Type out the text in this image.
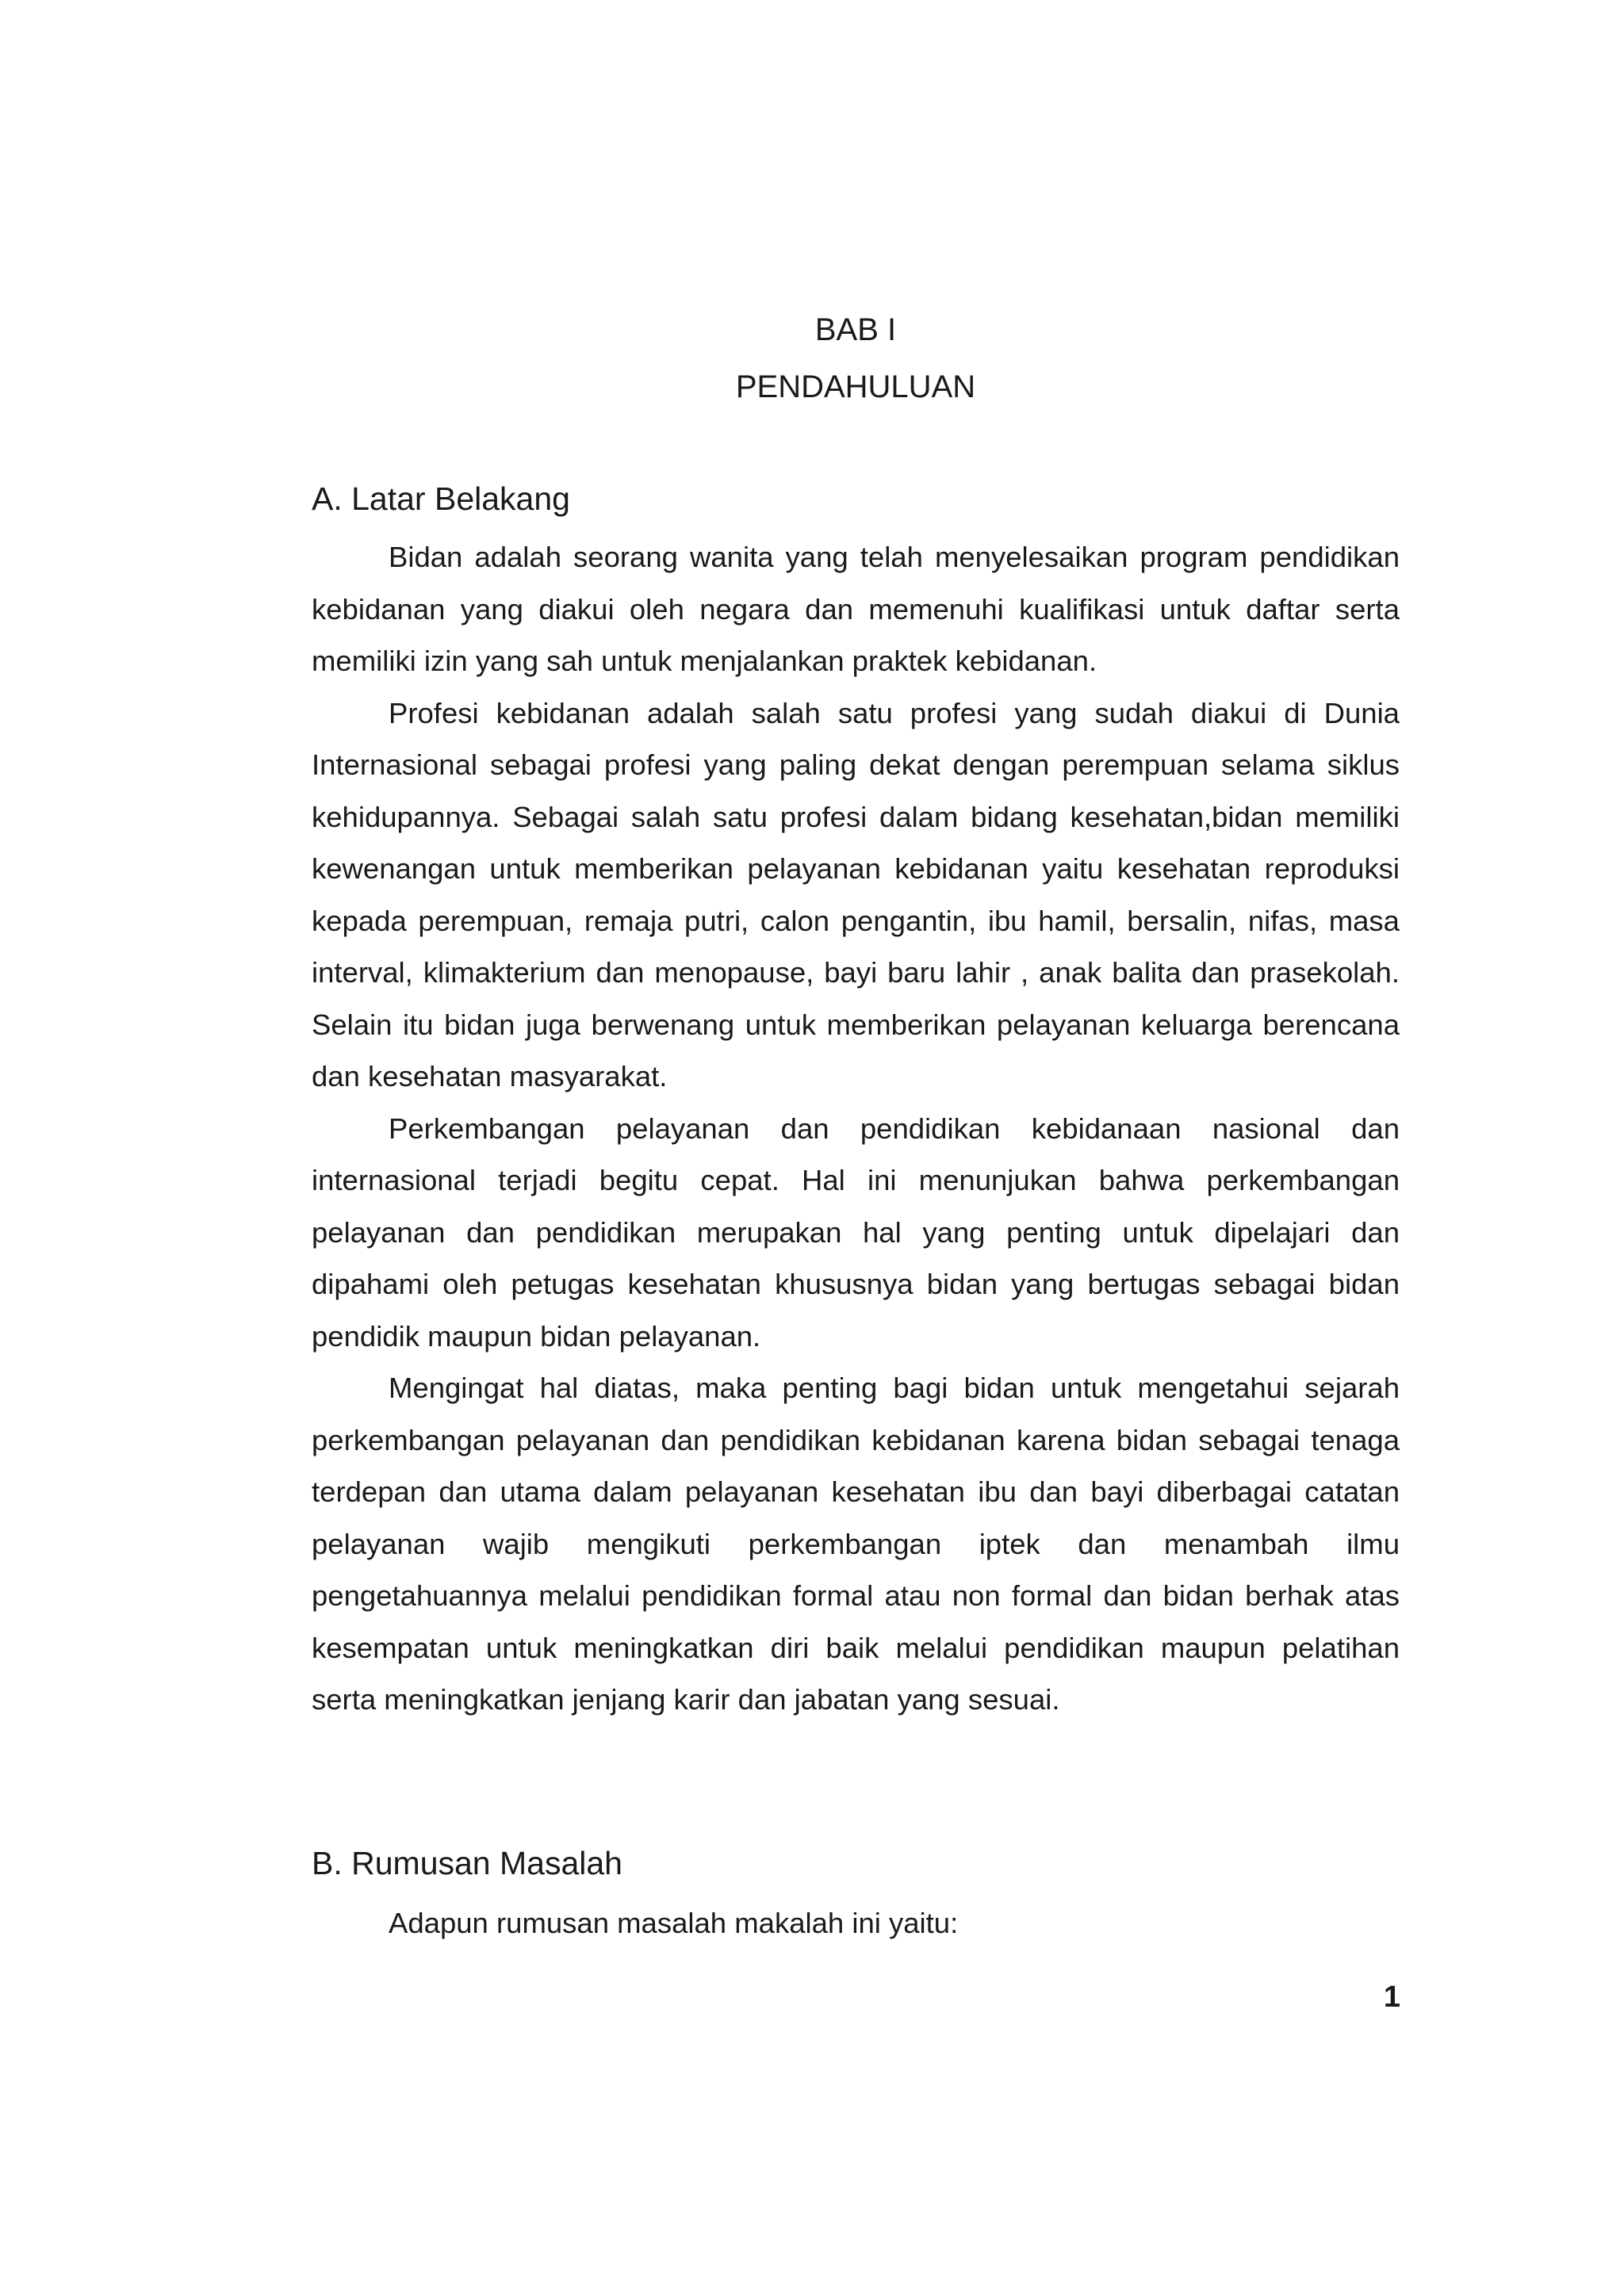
BAB I
PENDAHULUAN
A. Latar Belakang

Bidan adalah seorang wanita yang telah menyelesaikan program pendidikan kebidanan yang diakui oleh negara dan memenuhi kualifikasi untuk daftar serta memiliki izin yang sah untuk menjalankan praktek kebidanan.

Profesi kebidanan adalah salah satu profesi yang sudah diakui di Dunia Internasional sebagai profesi yang paling dekat dengan perempuan selama siklus kehidupannya. Sebagai salah satu profesi dalam bidang kesehatan,bidan memiliki kewenangan untuk memberikan pelayanan kebidanan yaitu kesehatan reproduksi kepada perempuan, remaja putri, calon pengantin, ibu hamil, bersalin, nifas, masa interval, klimakterium dan menopause, bayi baru lahir , anak balita dan prasekolah. Selain itu bidan juga berwenang untuk memberikan pelayanan keluarga berencana dan kesehatan masyarakat.

Perkembangan pelayanan dan pendidikan kebidanaan nasional dan internasional terjadi begitu cepat. Hal ini menunjukan bahwa perkembangan pelayanan dan pendidikan merupakan hal yang penting untuk dipelajari dan dipahami oleh petugas kesehatan khususnya bidan yang bertugas sebagai bidan pendidik maupun bidan pelayanan.

Mengingat hal diatas, maka penting bagi bidan untuk mengetahui sejarah perkembangan pelayanan dan pendidikan kebidanan karena bidan sebagai tenaga terdepan dan utama dalam pelayanan kesehatan ibu dan bayi diberbagai catatan pelayanan wajib mengikuti perkembangan iptek dan menambah ilmu pengetahuannya melalui pendidikan formal atau non formal dan bidan berhak atas kesempatan untuk meningkatkan diri baik melalui pendidikan maupun pelatihan serta meningkatkan jenjang karir dan jabatan yang sesuai.

B. Rumusan Masalah

Adapun rumusan masalah makalah ini yaitu:

1
